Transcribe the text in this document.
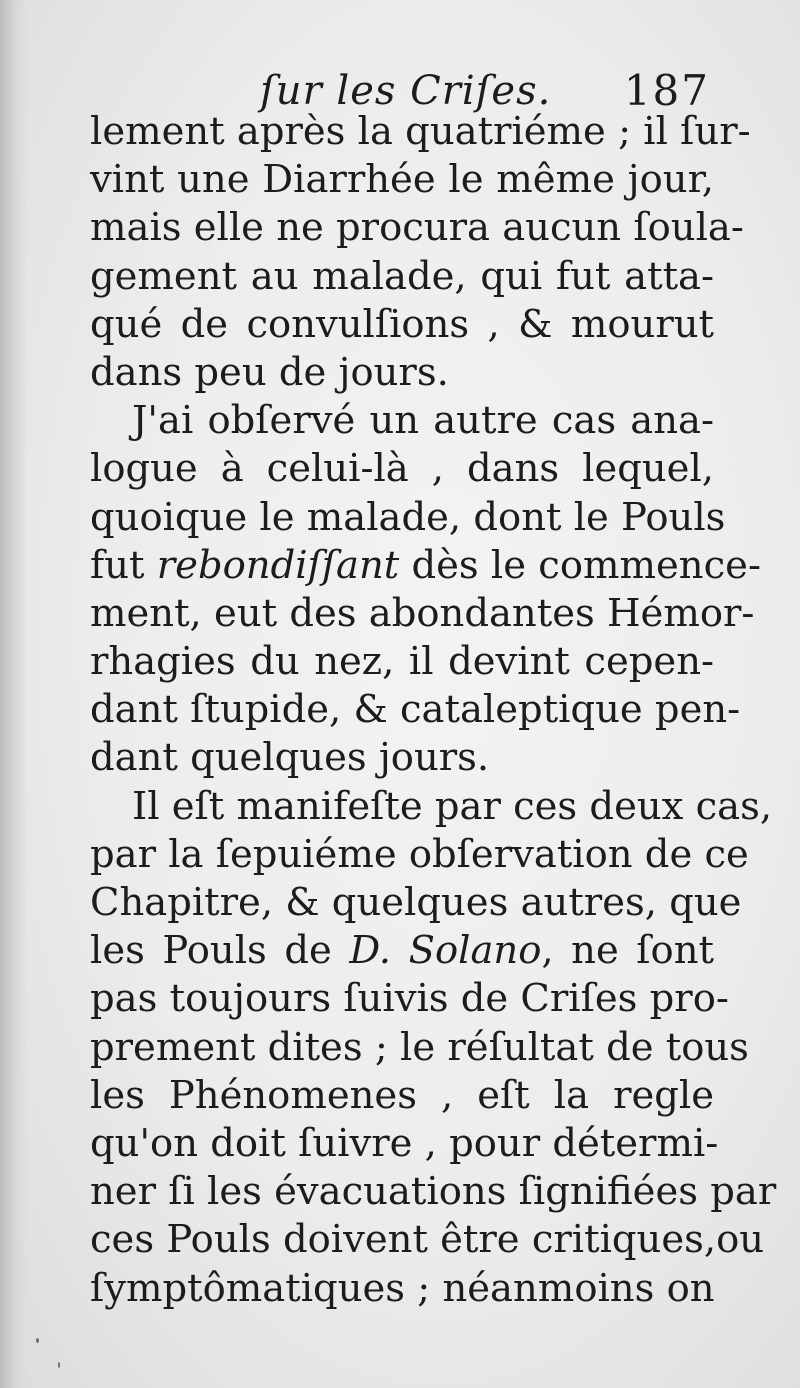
ſur les Criſes. 187
lement après la quatriéme ; il ſur-
vint une Diarrhée le même jour,
mais elle ne procura aucun ſoula-
gement au malade, qui fut atta-
qué de convulſions , & mourut
dans peu de jours.
J'ai obſervé un autre cas ana-
logue à celui-là , dans lequel,
quoique le malade, dont le Pouls
fut rebondiſſant dès le commence-
ment, eut des abondantes Hémor-
rhagies du nez, il devint cepen-
dant ſtupide, & cataleptique pen-
dant quelques jours.
Il eſt manifeſte par ces deux cas,
par la ſepuiéme obſervation de ce
Chapitre, & quelques autres, que
les Pouls de D. Solano, ne ſont
pas toujours ſuivis de Criſes pro-
prement dites ; le réſultat de tous
les Phénomenes , eſt la regle
qu'on doit ſuivre , pour détermi-
ner ſi les évacuations ſignifiées par
ces Pouls doivent être critiques,ou
ſymptômatiques ; néanmoins on
